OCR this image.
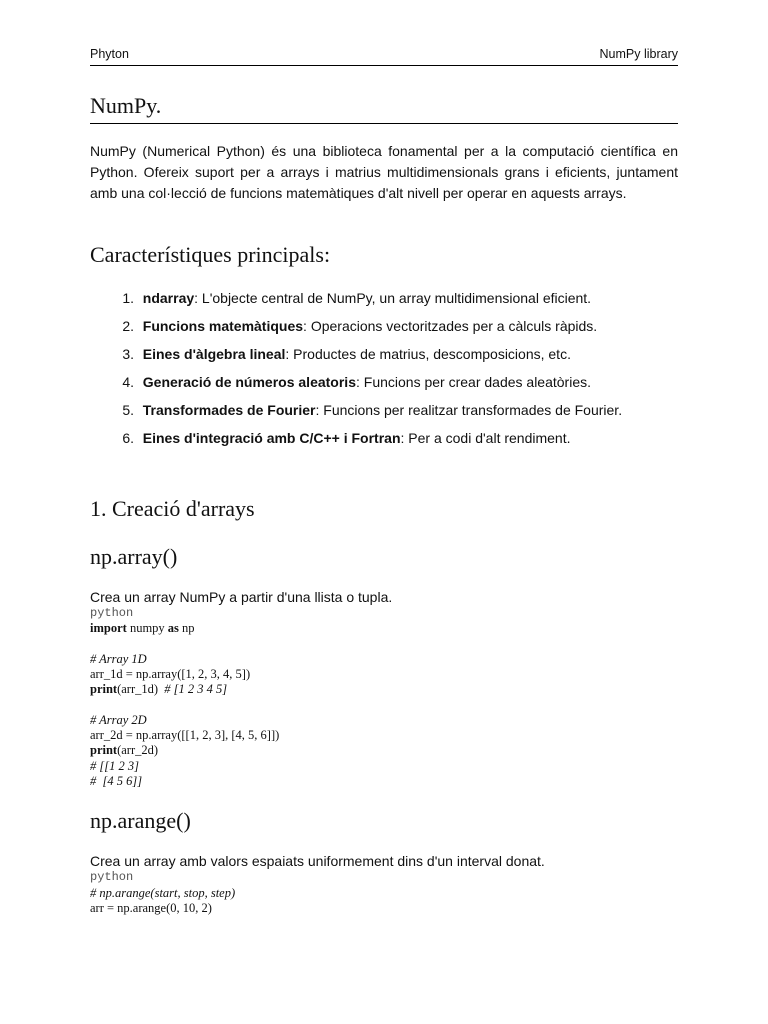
Phyton	NumPy library
NumPy.
NumPy (Numerical Python) és una biblioteca fonamental per a la computació científica en Python. Ofereix suport per a arrays i matrius multidimensionals grans i eficients, juntament amb una col·lecció de funcions matemàtiques d'alt nivell per operar en aquests arrays.
Característiques principals:
1. ndarray: L'objecte central de NumPy, un array multidimensional eficient.
2. Funcions matemàtiques: Operacions vectoritzades per a càlculs ràpids.
3. Eines d'àlgebra lineal: Productes de matrius, descomposicions, etc.
4. Generació de números aleatoris: Funcions per crear dades aleatòries.
5. Transformades de Fourier: Funcions per realitzar transformades de Fourier.
6. Eines d'integració amb C/C++ i Fortran: Per a codi d'alt rendiment.
1. Creació d'arrays
np.array()
Crea un array NumPy a partir d'una llista o tupla.
python
import numpy as np

# Array 1D
arr_1d = np.array([1, 2, 3, 4, 5])
print(arr_1d)  # [1 2 3 4 5]

# Array 2D
arr_2d = np.array([[1, 2, 3], [4, 5, 6]])
print(arr_2d)
# [[1 2 3]
#  [4 5 6]]
np.arange()
Crea un array amb valors espaiats uniformement dins d'un interval donat.
python
# np.arange(start, stop, step)
arr = np.arange(0, 10, 2)
